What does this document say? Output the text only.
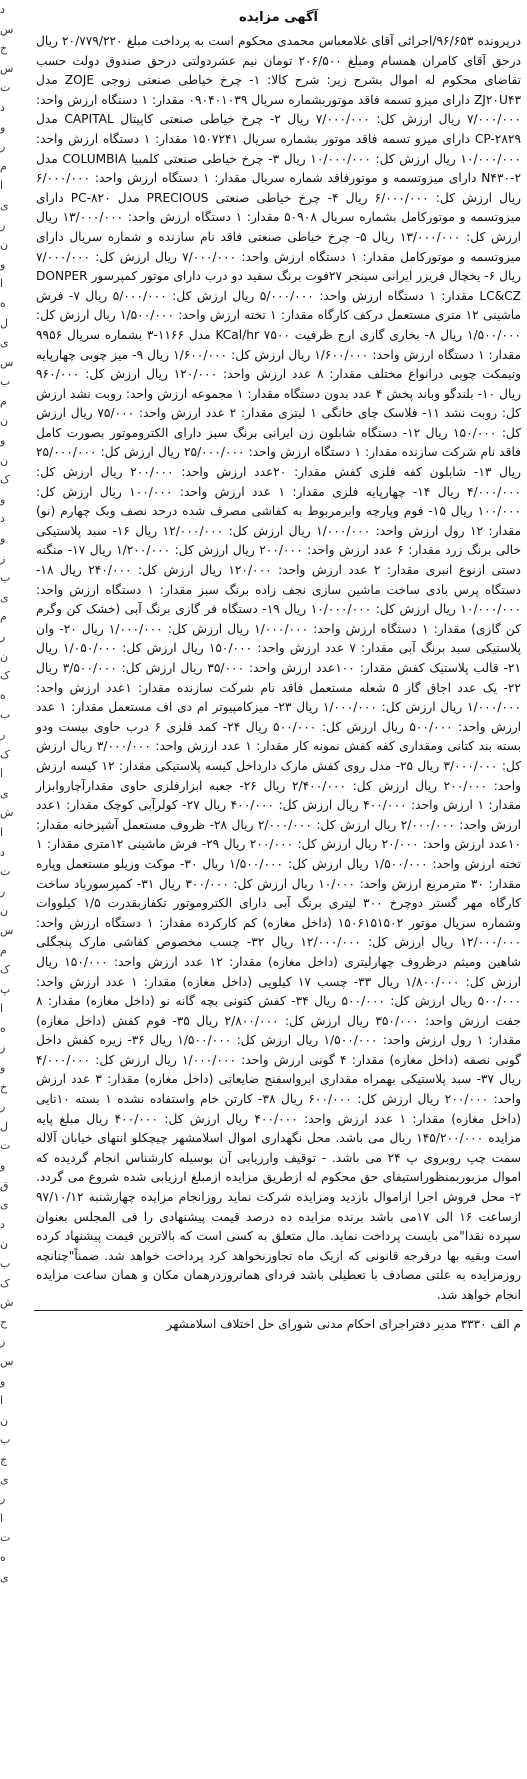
د
س
خ
س
ت
د
و
ر
م
ا
ی
ر
ن
و
ا
ه
ل
ی
س
ب
م
ن
و
ن
ک
و
د
و
ز
ب
ی
م
ر
ن
ک
ه
ب
ر
ک
ا
ی
ش
ا
د
ت
ر
ن
س
م
ک
پ
ا
ه
ز
و
خ
ر
ل
ت
و
ق
ی
د
ن
ب
ک
ش
ح
ز
س
و
ا
ن
ب
ج
ی
ر
ا
ت
ه
ی
آگهی مزایده

درپرونده ۹۶/۶۵۳/اجرائی آقای غلامعباس محمدی محکوم است به پرداخت مبلغ ۲۰/۷۷۹/۲۲۰ ریال درحق آقای کامران همسام ومبلغ ۲۰۶/۵۰۰ تومان نیم عشردولتی درحق صندوق دولت حسب تقاضای محکوم له اموال بشرح زیر: شرح کالا: ۱- چرخ خیاطی صنعتی زوجی ZOJE مدل ZJ۲۰U۴۳ دارای میزو تسمه فاقد موتوربشماره سریال ۰۹۰۴۰۱۰۳۹ مقدار: ۱ دستگاه ارزش واحد: ۷/۰۰۰/۰۰۰ ریال ارزش کل: ۷/۰۰۰/۰۰۰ ریال ۲- چرخ خیاطی صنعتی کاپیتال CAPITAL مدل CP-۲۸۲۹ دارای میزو تسمه فاقد موتور بشماره سریال ۱۵۰۷۲۴۱ مقدار: ۱ دستگاه ارزش واحد: ۱۰/۰۰۰/۰۰۰ ریال ارزش کل: ۱۰/۰۰۰/۰۰۰ ریال ۳- چرخ خیاطی صنعتی کلمبیا COLUMBIA مدل N۴۳۰-۲ دارای میزوتسمه و موتورفاقد شماره سریال مقدار: ۱ دستگاه ارزش واحد: ۶/۰۰۰/۰۰۰ ریال ارزش کل: ۶/۰۰۰/۰۰۰ ریال ۴- چرخ خیاطی صنعتی PRECIOUS مدل PC-۸۲۰ دارای میزوتسمه و موتورکامل بشماره سریال ۵۰۹۰۸ مقدار: ۱ دستگاه ارزش واحد: ۱۳/۰۰۰/۰۰۰ ریال ارزش کل: ۱۳/۰۰۰/۰۰۰ ریال ۵- چرخ خیاطی صنعتی فاقد نام سازنده و شماره سریال دارای میزوتسمه و موتورکامل مقدار: ۱ دستگاه ارزش واحد: ۷/۰۰۰/۰۰۰ ریال ارزش کل: ۷/۰۰۰/۰۰۰ ریال ۶- یخچال فریزر ایرانی سینجر ۲۷فوت برنگ سفید دو درب دارای موتور کمپرسور DONPER LC&CZ مقدار: ۱ دستگاه ارزش واحد: ۵/۰۰۰/۰۰۰ ریال ارزش کل: ۵/۰۰۰/۰۰۰ ریال ۷- فرش ماشینی ۱۲ متری مستعمل درکف کارگاه مقدار: ۱ تخته ارزش واحد: ۱/۵۰۰/۰۰۰ ریال ارزش کل: ۱/۵۰۰/۰۰۰ ریال ۸- بخاری گازی ارج ظرفیت ۷۵۰۰ KCal/hr مدل ۱۱۶۶-۳ بشماره سریال ۹۹۵۶ مقدار: ۱ دستگاه ارزش واحد: ۱/۶۰۰/۰۰۰ ریال ارزش کل: ۱/۶۰۰/۰۰۰ ریال ۹- میز چوبی چهارپایه ونیمکت چوبی درانواع مختلف مقدار: ۸ عدد ارزش واحد: ۱۲۰/۰۰۰ ریال ارزش کل: ۹۶۰/۰۰۰ ریال ۱۰- بلندگو وباند پخش ۴ عدد بدون دستگاه مقدار: ۱ مجموعه ارزش واحد: روبت نشد ارزش کل: روبت نشد ۱۱- فلاسک چای خانگی ۱ لیتری مقدار: ۲ عدد ارزش واحد: ۷۵/۰۰۰ ریال ارزش کل: ۱۵۰/۰۰۰ ریال ۱۲- دستگاه شابلون زن ایرانی برنگ سبز دارای الکتروموتور بصورت کامل فاقد نام شرکت سازنده مقدار: ۱ دستگاه ارزش واحد: ۲۵/۰۰۰/۰۰۰ ریال ارزش کل: ۲۵/۰۰۰/۰۰۰ ریال ۱۳- شابلون کفه فلزی کفش مقدار: ۲۰عدد ارزش واحد: ۲۰۰/۰۰۰ ریال ارزش کل: ۴/۰۰۰/۰۰۰ ریال ۱۴- چهارپایه فلزی مقدار: ۱ عدد ارزش واحد: ۱۰۰/۰۰۰ ریال ارزش کل: ۱۰۰/۰۰۰ ریال ۱۵- فوم وپارچه وابرمربوط به کفاشی مصرف شده درحد نصف وبک چهارم (نو) مقدار: ۱۲ رول ارزش واحد: ۱/۰۰۰/۰۰۰ ریال ارزش کل: ۱۲/۰۰۰/۰۰۰ ریال ۱۶- سبد پلاستیکی خالی برنگ زرد مقدار: ۶ عدد ارزش واحد: ۲۰۰/۰۰۰ ریال ارزش کل: ۱/۲۰۰/۰۰۰ ریال ۱۷- منگنه دستی ازنوع انبری مقدار: ۲ عدد ارزش واحد: ۱۲۰/۰۰۰ ریال ارزش کل: ۲۴۰/۰۰۰ ریال ۱۸- دستگاه پرس بادی ساخت ماشین سازی نجف زاده برنگ سبز مقدار: ۱ دستگاه ارزش واحد: ۱۰/۰۰۰/۰۰۰ ریال ارزش کل: ۱۰/۰۰۰/۰۰۰ ریال ۱۹- دستگاه فر گازی برنگ آبی (خشک کن وگرم کن گازی) مقدار: ۱ دستگاه ارزش واحد: ۱/۰۰۰/۰۰۰ ریال ارزش کل: ۱/۰۰۰/۰۰۰ ریال ۲۰- وان پلاستیکی سبد برنگ آبی مقدار: ۷ عدد ارزش واحد: ۱۵۰/۰۰۰ ریال ارزش کل: ۱/۰۵۰/۰۰۰ ریال ۲۱- قالب پلاستیک کفش مقدار: ۱۰۰عدد ارزش واحد: ۳۵/۰۰۰ ریال ارزش کل: ۳/۵۰۰/۰۰۰ ریال ۲۲- یک عدد اجاق گاز ۵ شعله مستعمل فاقد نام شرکت سازنده مقدار: ۱عدد ارزش واحد: ۱/۰۰۰/۰۰۰ ریال ارزش کل: ۱/۰۰۰/۰۰۰ ریال ۲۳- میزکامپیوتر ام دی اف مستعمل مقدار: ۱ عدد ارزش واحد: ۵۰۰/۰۰۰ ریال ارزش کل: ۵۰۰/۰۰۰ ریال ۲۴- کمد فلزی ۶ درب حاوی بیست ودو بسته بند کتانی ومقداری کفه کفش نمونه کار مقدار: ۱ عدد ارزش واحد: ۳/۰۰۰/۰۰۰ ریال ارزش کل: ۳/۰۰۰/۰۰۰ ریال ۲۵- مدل روی کفش مارک دارداخل کیسه پلاستیکی مقدار: ۱۲ کیسه ارزش واحد: ۲۰۰/۰۰۰ ریال ارزش کل: ۲/۴۰۰/۰۰۰ ریال ۲۶- جعبه ابزارفلزی حاوی مقدارآچاروابزار مقدار: ۱ ارزش واحد: ۴۰۰/۰۰۰ ریال ارزش کل: ۴۰۰/۰۰۰ ریال ۲۷- کولرآبی کوچک مقدار: ۱عدد ارزش واحد: ۲/۰۰۰/۰۰۰ ریال ارزش کل: ۲/۰۰۰/۰۰۰ ریال ۲۸- ظروف مستعمل آشپزخانه مقدار: ۱۰عدد ارزش واحد: ۲۰/۰۰۰ ریال ارزش کل: ۲۰۰/۰۰۰ ریال ۲۹- فرش ماشینی ۱۲متری مقدار: ۱ تخته ارزش واحد: ۱/۵۰۰/۰۰۰ ریال ارزش کل: ۱/۵۰۰/۰۰۰ ریال ۳۰- موکت وزیلو مستعمل وپاره مقدار: ۳۰ مترمربع ارزش واحد: ۱۰/۰۰۰ ریال ارزش کل: ۳۰۰/۰۰۰ ریال ۳۱- کمپرسورباد ساخت کارگاه مهر گستر دوچرخ ۳۰۰ لیتری برنگ آبی دارای الکتروموتور تکفازبقدرت ۱/۵ کیلووات وشماره سریال موتور ۱۵۰۶۱۵۱۵۰۲ (داخل مغازه) کم کارکرده مقدار: ۱ دستگاه ارزش واحد: ۱۲/۰۰۰/۰۰۰ ریال ارزش کل: ۱۲/۰۰۰/۰۰۰ ریال ۳۲- چسب مخصوص کفاشی مارک پنجگلی شاهین ومیثم درظروف چهارلیتری (داخل مغازه) مقدار: ۱۲ عدد ارزش واحد: ۱۵۰/۰۰۰ ریال ارزش کل: ۱/۸۰۰/۰۰۰ ریال ۳۳- چسب ۱۷ کیلویی (داخل مغازه) مقدار: ۱ عدد ارزش واحد: ۵۰۰/۰۰۰ ریال ارزش کل: ۵۰۰/۰۰۰ ریال ۳۴- کفش کتونی بچه گانه نو (داخل مغازه) مقدار: ۸ جفت ارزش واحد: ۳۵۰/۰۰۰ ریال ارزش کل: ۲/۸۰۰/۰۰۰ ریال ۳۵- فوم کفش (داخل مغازه) مقدار: ۱ رول ارزش واحد: ۱/۵۰۰/۰۰۰ ریال ارزش کل: ۱/۵۰۰/۰۰۰ ریال ۳۶- زیره کفش داخل گونی نصفه (داخل مغازه) مقدار: ۴ گونی ارزش واحد: ۱/۰۰۰/۰۰۰ ریال ارزش کل: ۴/۰۰۰/۰۰۰ ریال ۳۷- سبد پلاستیکی بهمراه مقداری ابرواسفنج ضایعاتی (داخل مغازه) مقدار: ۳ عدد ارزش واحد: ۲۰۰/۰۰۰ ریال ارزش کل: ۶۰۰/۰۰۰ ریال ۳۸- کارتن خام واستفاده نشده ۱ بسته ۱۰تایی (داخل مغازه) مقدار: ۱ عدد ارزش واحد: ۴۰۰/۰۰۰ ریال ارزش کل: ۴۰۰/۰۰۰ ریال مبلغ پایه مزایده ۱۴۵/۲۰۰/۰۰۰ ریال می باشد. محل نگهداری اموال اسلامشهر چیچکلو انتهای خیابان آلاله سمت چپ روبروی پ ۲۴ می باشد. - توقیف وارزیابی آن بوسیله کارشناس انجام گردیده که اموال مزبوربمنظوراستیفای حق محکوم له ازطریق مزایده ازمبلغ ارزیابی شده شروع می گردد. ۲- محل فروش اجرا ازاموال بازدید ومزایده شرکت نماید روزانجام مزایده چهارشنبه ۹۷/۱۰/۱۲ ازساعت ۱۶ الی ۱۷می باشد برنده مزایده ده درصد قیمت پیشنهادی را فی المجلس بعنوان سپرده نقدا"می بایست پرداخت نماید. مال متعلق به کسی است که بالاترین قیمت پیشنهاد کرده است وبقیه بها درفرجه قانونی که ازیک ماه تجاوزنخواهد کرد پرداخت خواهد شد. ضمناً"چنانچه روزمزایده به علتی مصادف با تعطیلی باشد فردای همانروزدرهمان مکان و همان ساعت مزایده انجام خواهد شد.

م الف ۳۳۳۰ مدیر دفتراجرای احکام مدنی شورای حل اختلاف اسلامشهر
